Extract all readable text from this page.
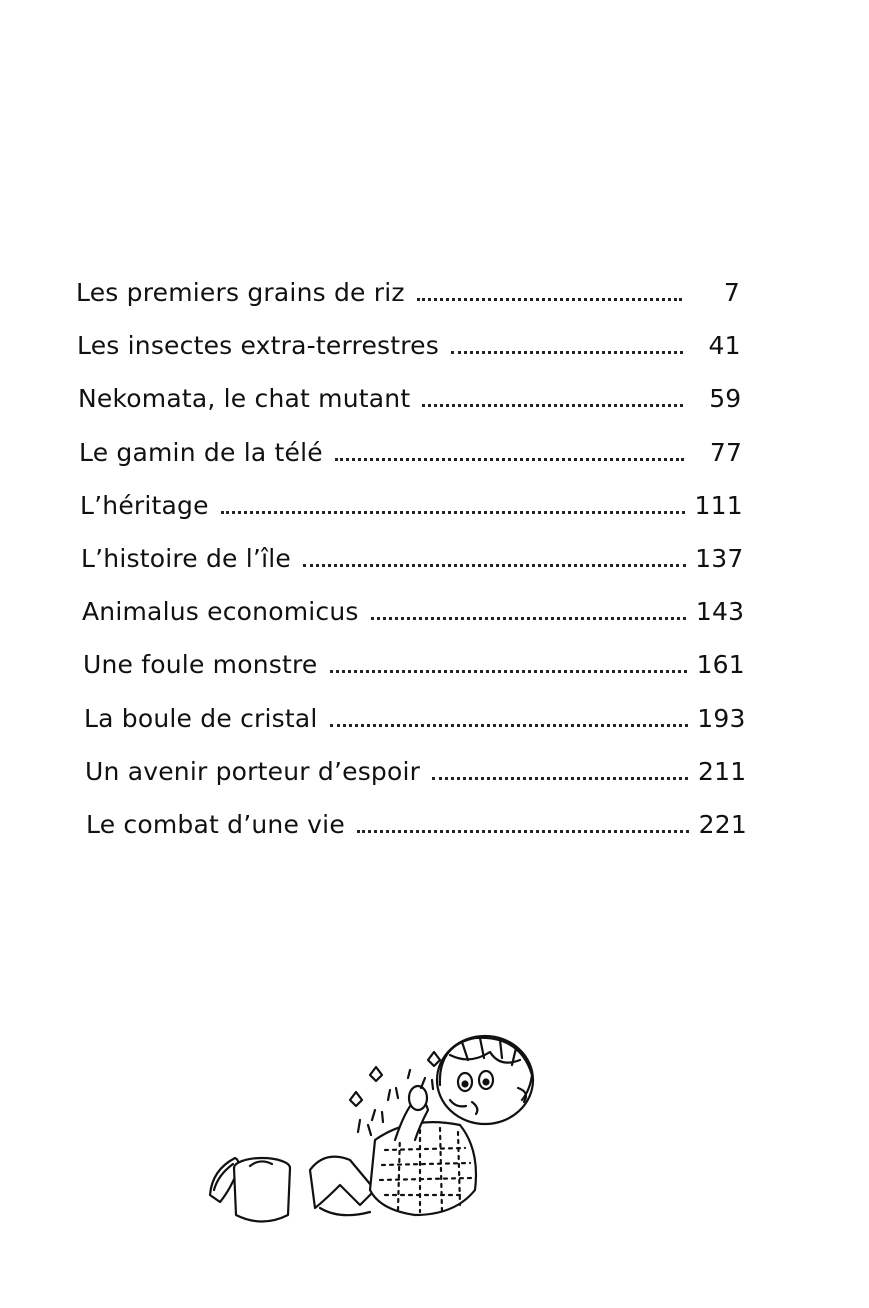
Les premiers grains de riz	7
Les insectes extra-terrestres	41
Nekomata, le chat mutant	59
Le gamin de la télé	77
L’héritage	111
L’histoire de l’île	137
Animalus economicus	143
Une foule monstre	161
La boule de cristal	193
Un avenir porteur d’espoir	211
Le combat d’une vie	221
